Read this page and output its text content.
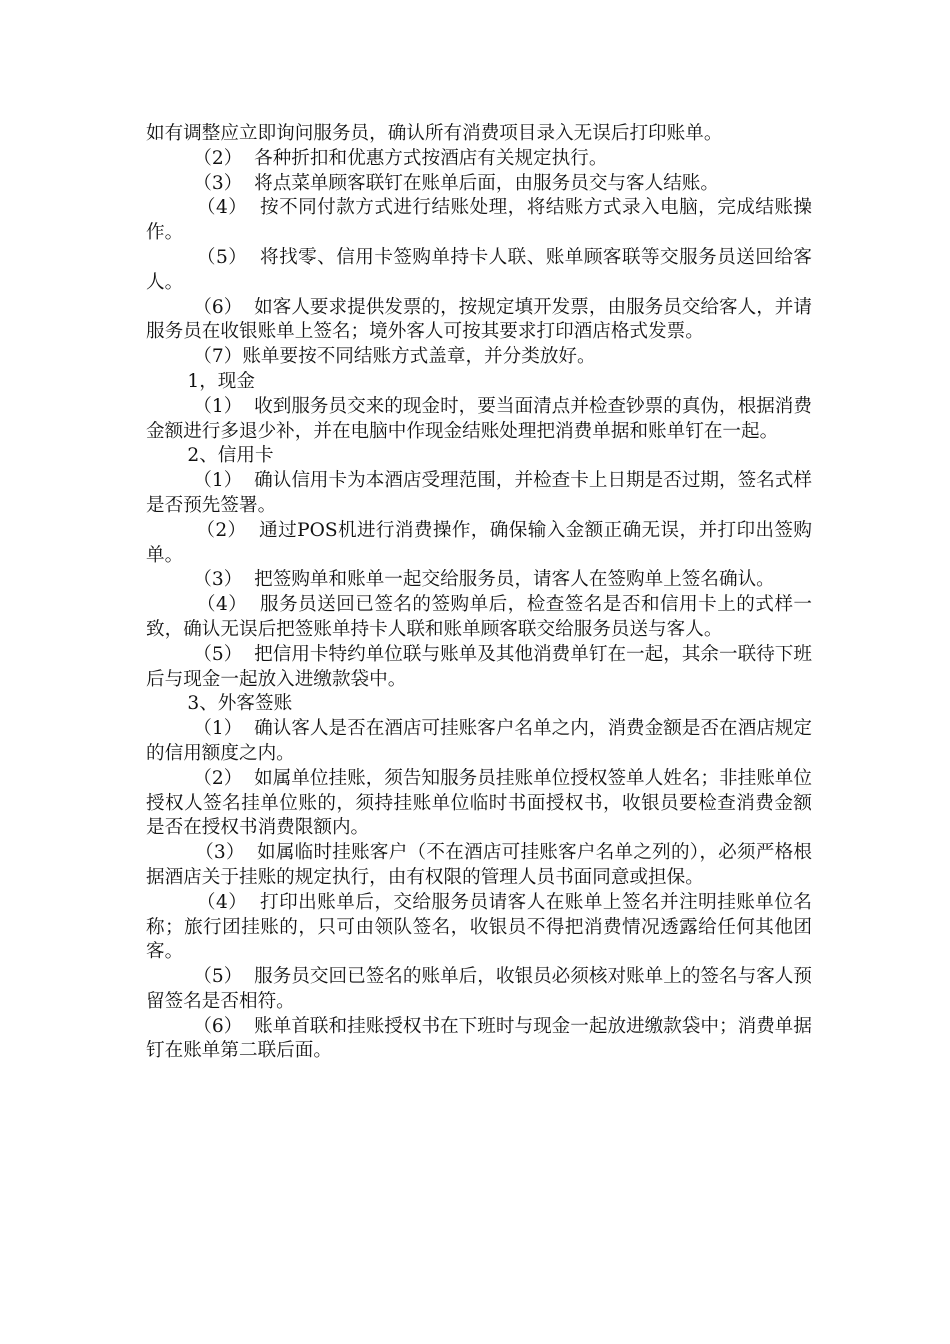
如有调整应立即询问服务员，确认所有消费项目录入无误后打印账单。

（2）  各种折扣和优惠方式按酒店有关规定执行。

（3）  将点菜单顾客联钉在账单后面，由服务员交与客人结账。

（4）  按不同付款方式进行结账处理，将结账方式录入电脑，完成结账操作。

（5）  将找零、信用卡签购单持卡人联、账单顾客联等交服务员送回给客人。

（6）  如客人要求提供发票的，按规定填开发票，由服务员交给客人，并请服务员在收银账单上签名；境外客人可按其要求打印酒店格式发票。

（7）账单要按不同结账方式盖章，并分类放好。

1，现金

（1）  收到服务员交来的现金时，要当面清点并检查钞票的真伪，根据消费金额进行多退少补，并在电脑中作现金结账处理把消费单据和账单钉在一起。

2、信用卡

（1）  确认信用卡为本酒店受理范围，并检查卡上日期是否过期，签名式样是否预先签署。

（2）  通过POS机进行消费操作，确保输入金额正确无误，并打印出签购单。

（3）  把签购单和账单一起交给服务员，请客人在签购单上签名确认。

（4）  服务员送回已签名的签购单后，检查签名是否和信用卡上的式样一致，确认无误后把签账单持卡人联和账单顾客联交给服务员送与客人。

（5）  把信用卡特约单位联与账单及其他消费单钉在一起，其余一联待下班后与现金一起放入进缴款袋中。

3、外客签账

（1）  确认客人是否在酒店可挂账客户名单之内，消费金额是否在酒店规定的信用额度之内。

（2）  如属单位挂账，须告知服务员挂账单位授权签单人姓名；非挂账单位授权人签名挂单位账的，须持挂账单位临时书面授权书，收银员要检查消费金额是否在授权书消费限额内。

（3）  如属临时挂账客户（不在酒店可挂账客户名单之列的），必须严格根据酒店关于挂账的规定执行，由有权限的管理人员书面同意或担保。

（4）  打印出账单后，交给服务员请客人在账单上签名并注明挂账单位名称；旅行团挂账的，只可由领队签名，收银员不得把消费情况透露给任何其他团客。

（5）  服务员交回已签名的账单后，收银员必须核对账单上的签名与客人预留签名是否相符。

（6）  账单首联和挂账授权书在下班时与现金一起放进缴款袋中；消费单据钉在账单第二联后面。
